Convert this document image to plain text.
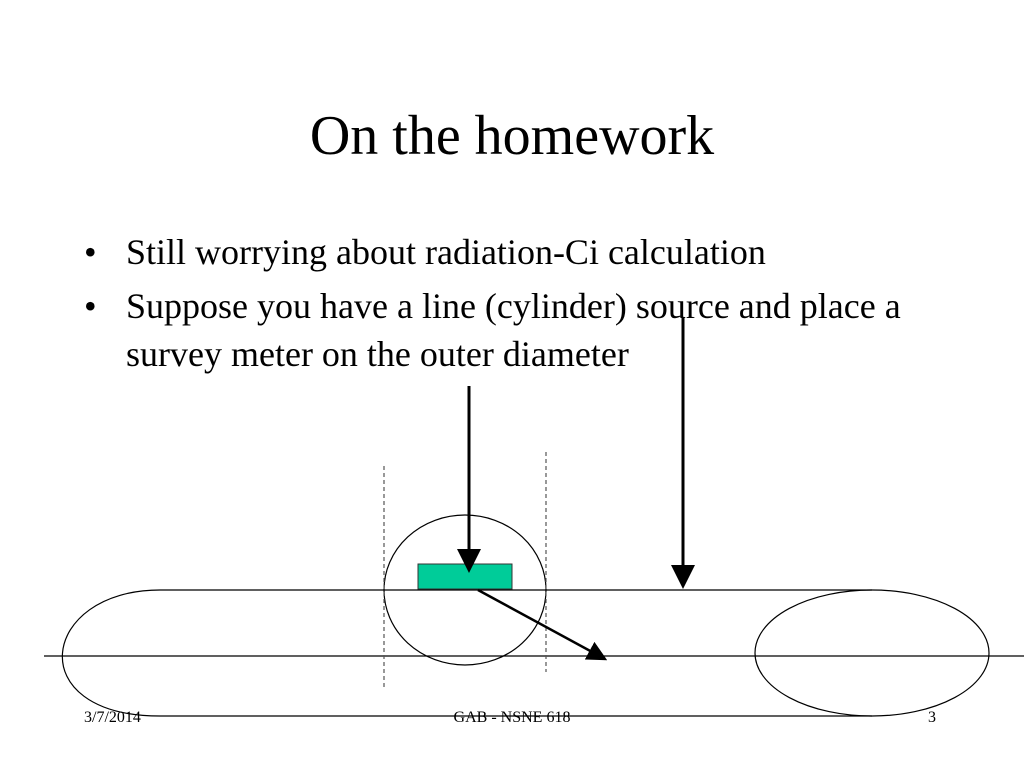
On the homework
• Still worrying about radiation-Ci calculation
• Suppose you have a line (cylinder) source and place a survey meter on the outer diameter
3/7/2014	GAB - NSNE 618	3
